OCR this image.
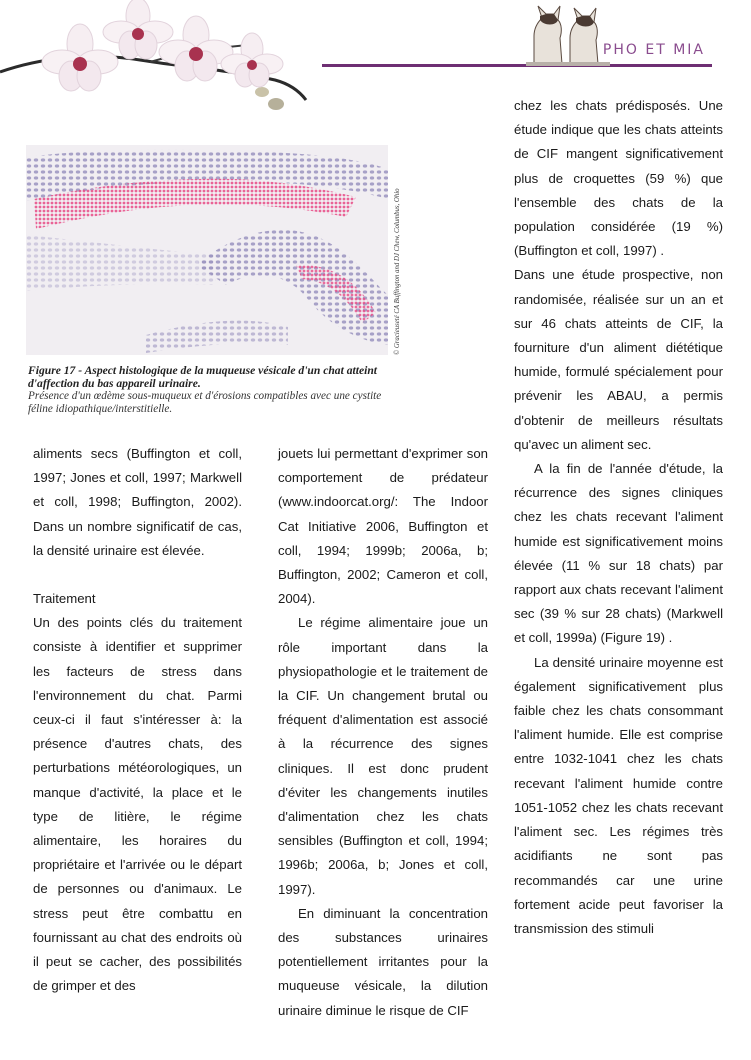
PHO ET MIA
© Gracieuseté CA Buffington and DJ Chew, Columbus, Ohio
Figure 17 - Aspect histologique de la muqueuse vésicale d'un chat atteint d'affection du bas appareil urinaire.
Présence d'un œdème sous-muqueux et d'érosions compatibles avec une cystite féline idiopathique/interstitielle.

aliments secs (Buffington et coll, 1997; Jones et coll, 1997; Markwell et coll, 1998; Buffington, 2002). Dans un nombre significatif de cas, la densité urinaire est élevée.

Traitement

Un des points clés du traitement consiste à identifier et supprimer les facteurs de stress dans l'environnement du chat. Parmi ceux-ci il faut s'intéresser à: la présence d'autres chats, des perturbations météorologiques, un manque d'activité, la place et le type de litière, le régime alimentaire, les horaires du propriétaire et l'arrivée ou le départ de personnes ou d'animaux. Le stress peut être combattu en fournissant au chat des endroits où il peut se cacher, des possibilités de grimper et des

jouets lui permettant d'exprimer son comportement de prédateur (www.indoorcat.org/: The Indoor Cat Initiative 2006, Buffington et coll, 1994; 1999b; 2006a, b; Buffington, 2002; Cameron et coll, 2004).

Le régime alimentaire joue un rôle important dans la physiopathologie et le traitement de la CIF. Un changement brutal ou fréquent d'alimentation est associé à la récurrence des signes cliniques. Il est donc prudent d'éviter les changements inutiles d'alimentation chez les chats sensibles (Buffington et coll, 1994; 1996b; 2006a, b; Jones et coll, 1997).

En diminuant la concentration des substances urinaires potentiellement irritantes pour la muqueuse vésicale, la dilution urinaire diminue le risque de CIF

chez les chats prédisposés. Une étude indique que les chats atteints de CIF mangent significativement plus de croquettes (59 %) que l'ensemble des chats de la population considérée (19 %) (Buffington et coll, 1997) .

Dans une étude prospective, non randomisée, réalisée sur un an et sur 46 chats atteints de CIF, la fourniture d'un aliment diététique humide, formulé spécialement pour prévenir les ABAU, a permis d'obtenir de meilleurs résultats qu'avec un aliment sec.

A la fin de l'année d'étude, la récurrence des signes cliniques chez les chats recevant l'aliment humide est significativement moins élevée (11 % sur 18 chats) par rapport aux chats recevant l'aliment sec (39 % sur 28 chats) (Markwell et coll, 1999a) (Figure 19) .

La densité urinaire moyenne est également significativement plus faible chez les chats consommant l'aliment humide. Elle est comprise entre 1032-1041 chez les chats recevant l'aliment humide contre 1051-1052 chez les chats recevant l'aliment sec. Les régimes très acidifiants ne sont pas recommandés car une urine fortement acide peut favoriser la transmission des stimuli
